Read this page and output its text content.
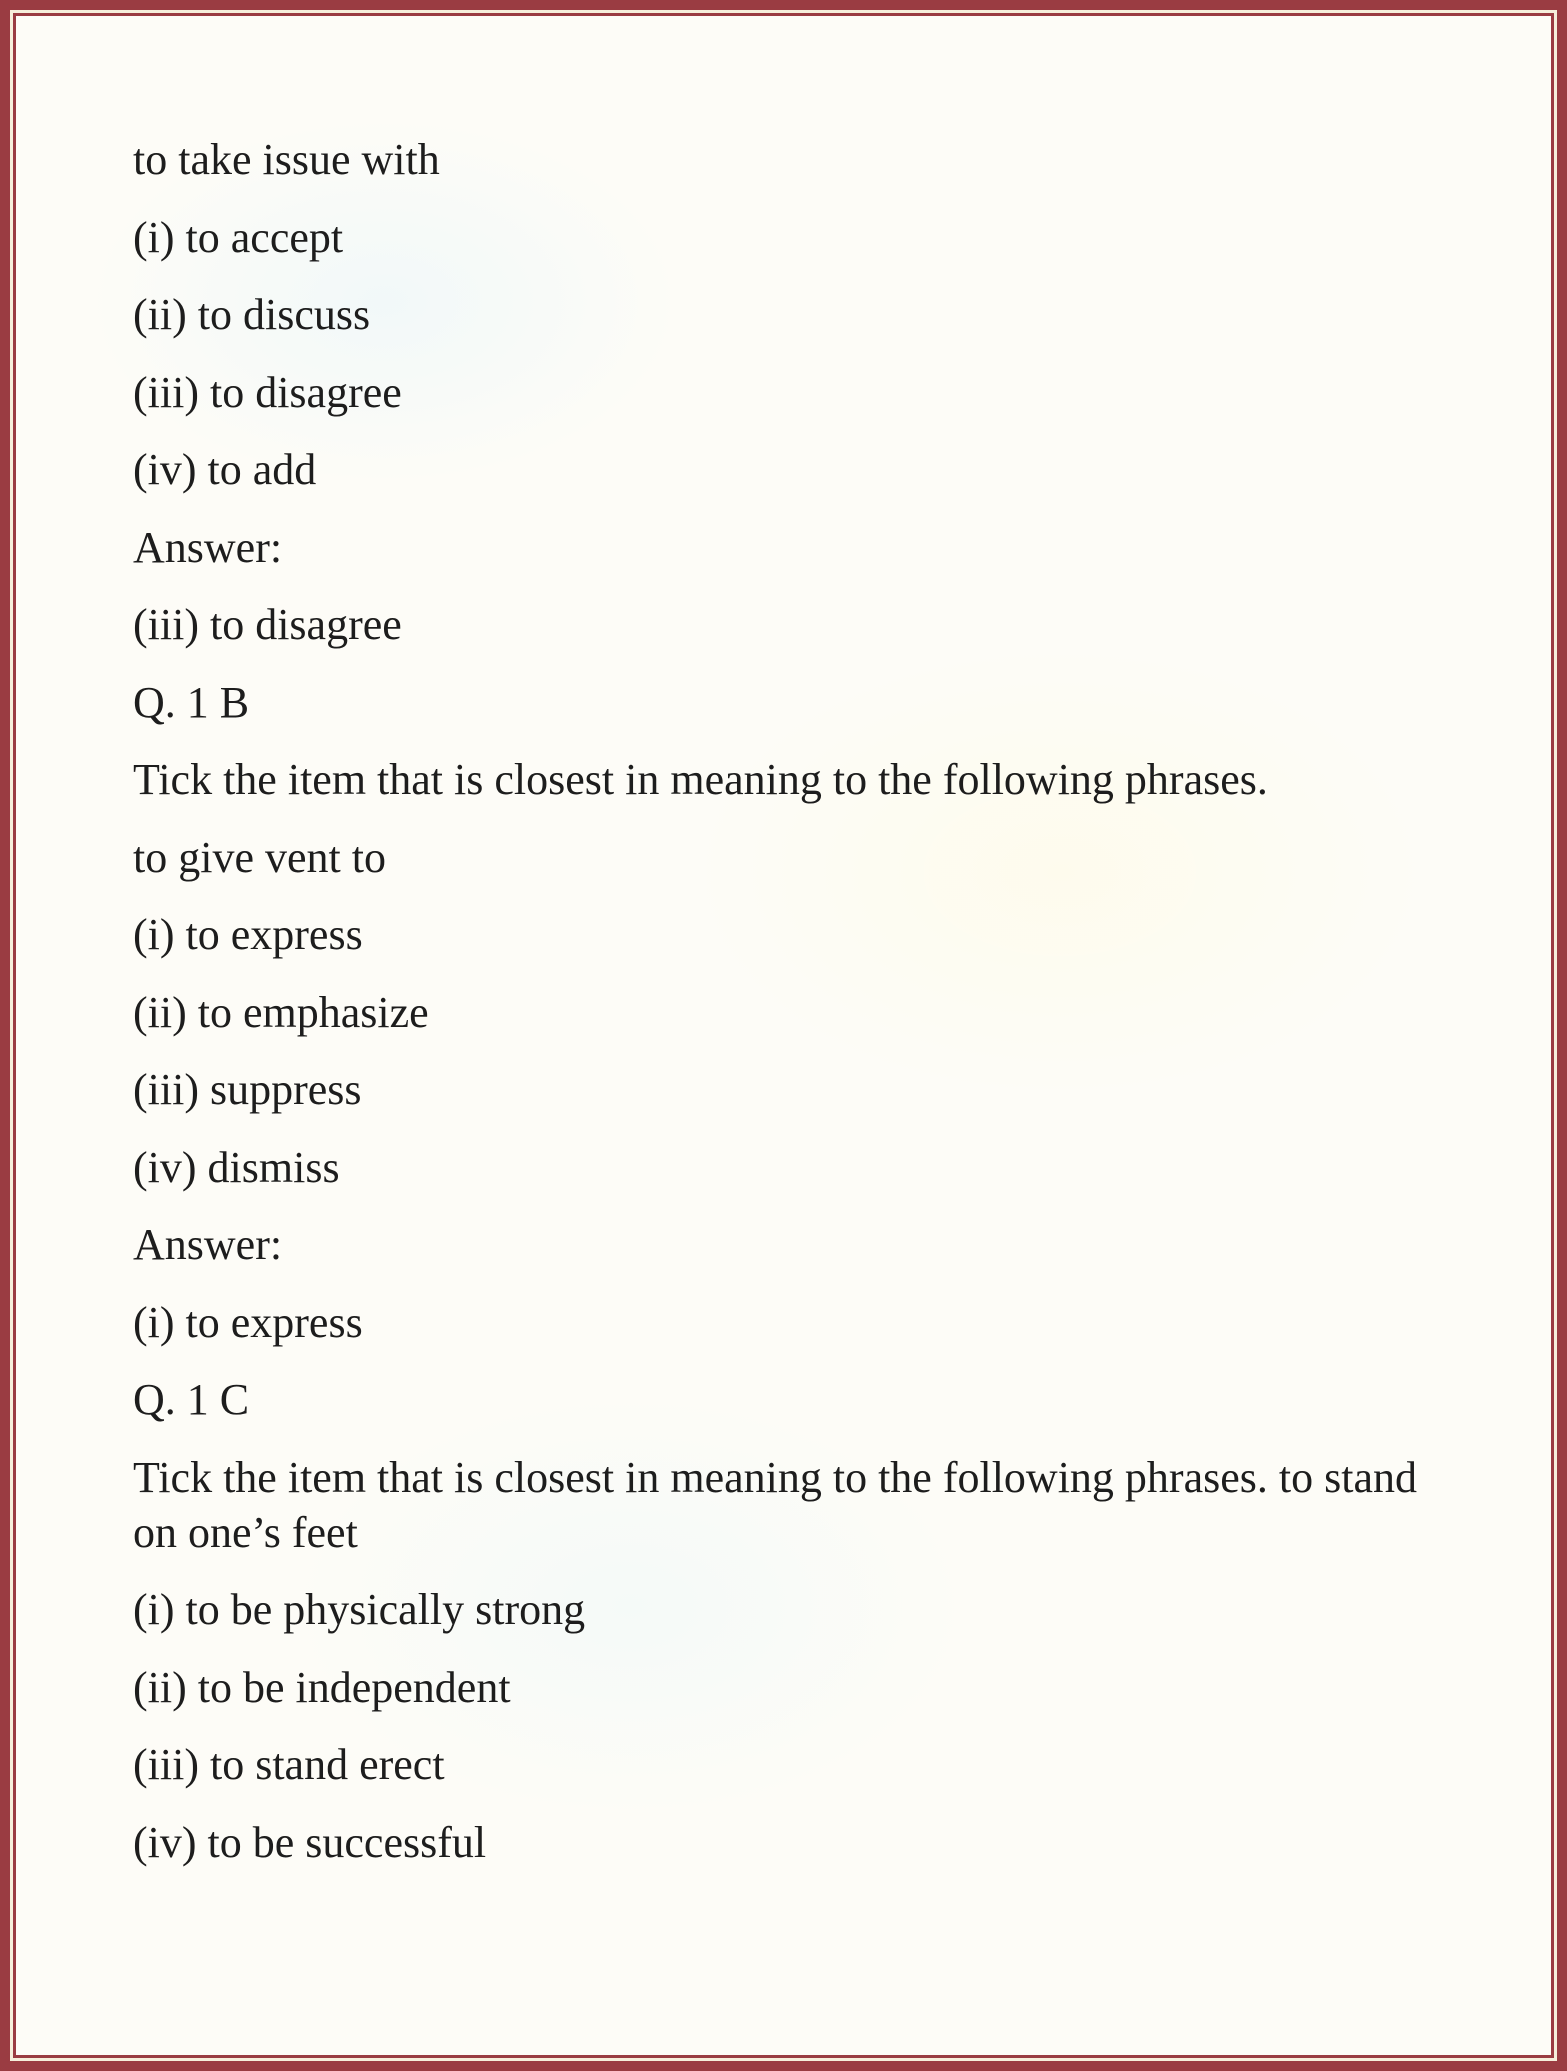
to take issue with

(i) to accept

(ii) to discuss

(iii) to disagree

(iv) to add

Answer:

(iii) to disagree

Q. 1 B

Tick the item that is closest in meaning to the following phrases.

to give vent to

(i) to express

(ii) to emphasize

(iii) suppress

(iv) dismiss

Answer:

(i) to express

Q. 1 C

Tick the item that is closest in meaning to the following phrases. to stand
on one’s feet

(i) to be physically strong

(ii) to be independent

(iii) to stand erect

(iv) to be successful
